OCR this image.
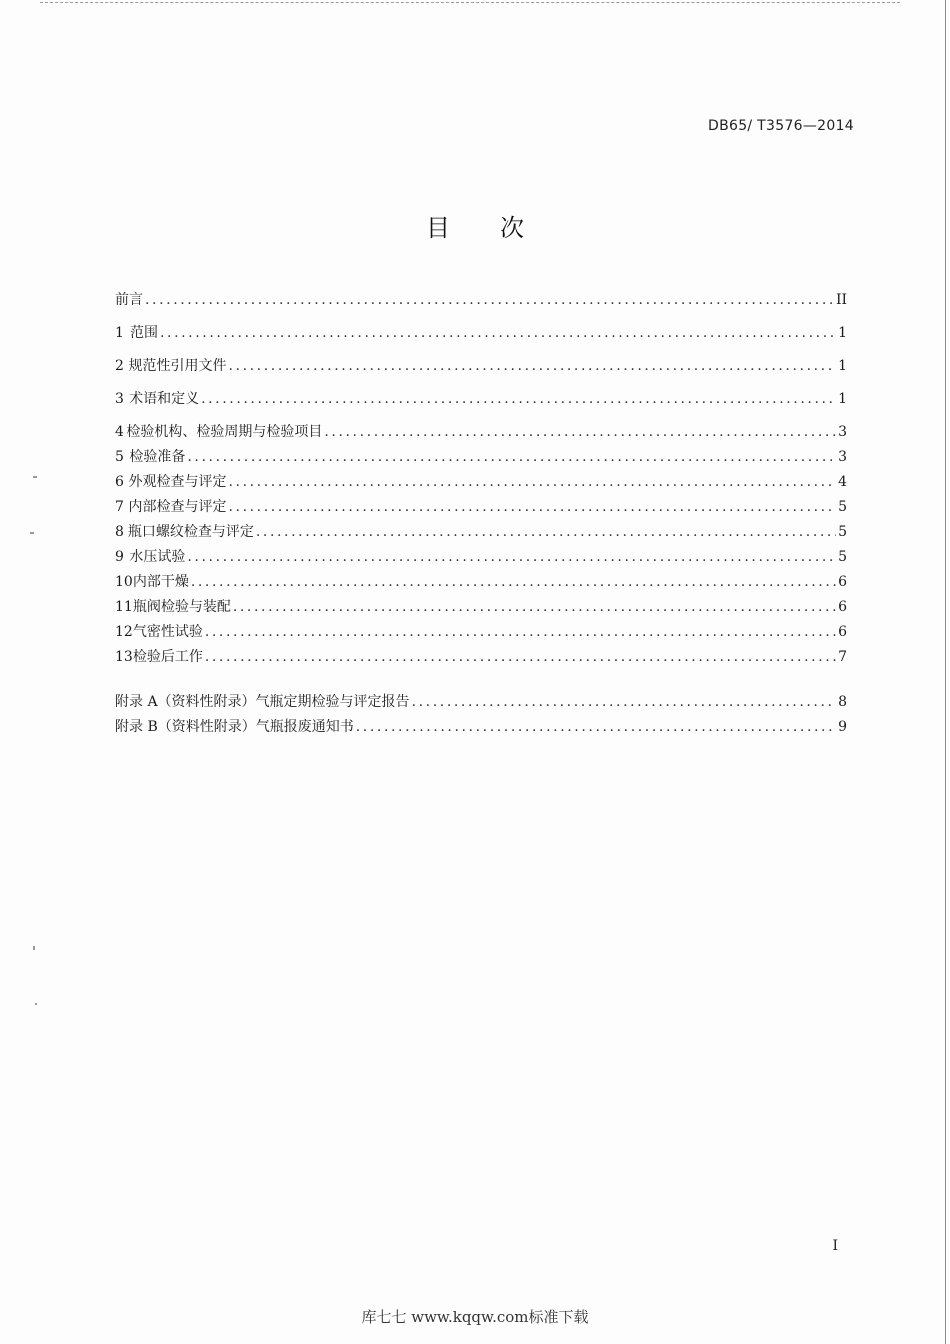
DB65/ T3576—2014
目次
前言 .....	II
1 范围 .....	1
2 规范性引用文件 .....	1
3 术语和定义 .....	1
4 检验机构、检验周期与检验项目 .....	3
5 检验准备 .....	3
6 外观检查与评定 .....	4
7 内部检查与评定 .....	5
8 瓶口螺纹检查与评定 .....	5
9 水压试验 .....	5
10 内部干燥 .....	6
11 瓶阀检验与装配 .....	6
12 气密性试验 .....	6
13 检验后工作 .....	7
附录 A（资料性附录）气瓶定期检验与评定报告 .....	8
附录 B（资料性附录）气瓶报废通知书 .....	9
I
库七七 www.kqqw.com标准下载
